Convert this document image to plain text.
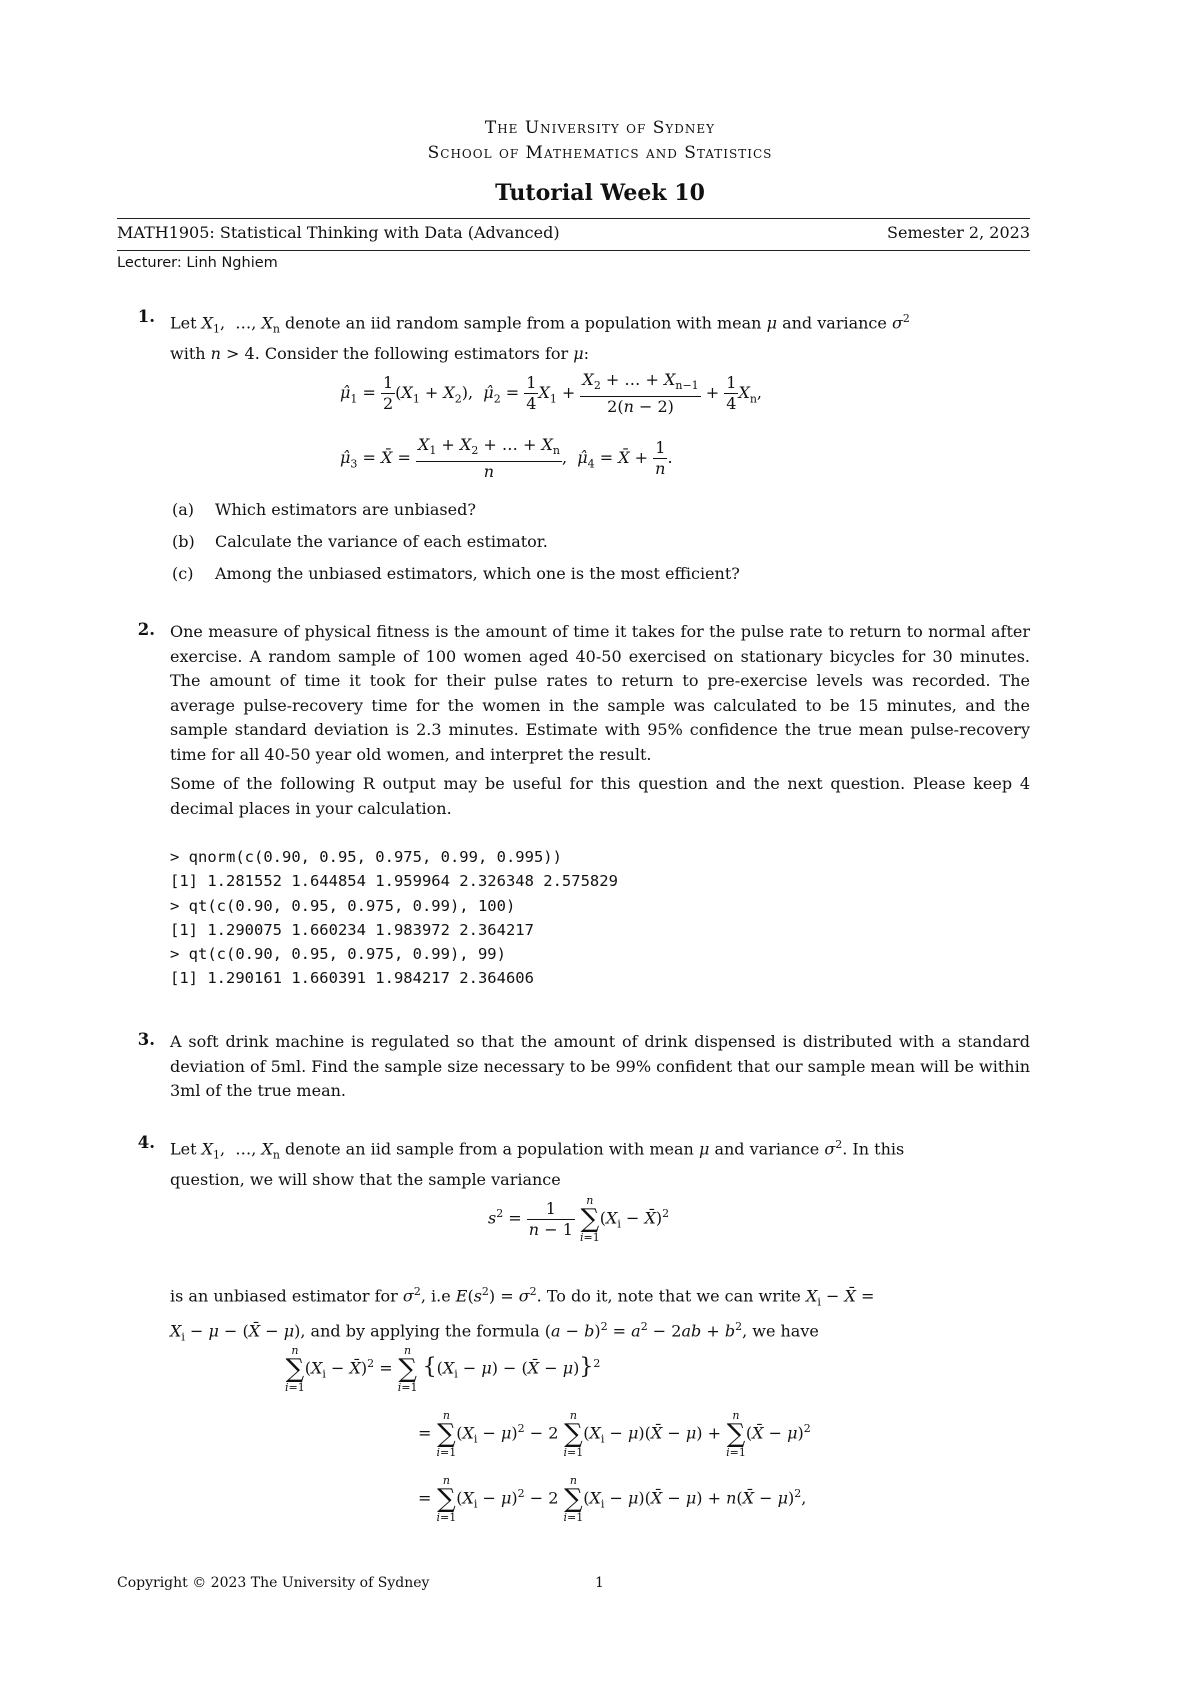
The University of Sydney
School of Mathematics and Statistics
Tutorial Week 10
MATH1905: Statistical Thinking with Data (Advanced)	Semester 2, 2023
Lecturer: Linh Nghiem
1. Let $X_1$,  …, $X_n$ denote an iid random sample from a population with mean μ and variance $\sigma^2$
with n > 4. Consider the following estimators for μ:
$\mû_1 = \frac{1}{2} (X_1 + X_2)$,  $\mû_2 = \frac{1}{4} X_1 + \frac{X_2 + \dots + X_{n-1}}{2(n - 2)} + \frac{1}{4} X_n$,
$\mû_3$ = X̄ = $\frac{X_1 + X_2 + \dots + X_n}{n}$ ,  $\mû_4$ = X̄ + $\frac{1}{n}$ .
(a) Which estimators are unbiased?
(b) Calculate the variance of each estimator.
(c) Among the unbiased estimators, which one is the most efficient?
2. One measure of physical fitness is the amount of time it takes for the pulse rate to return to normal after exercise. A random sample of 100 women aged 40-50 exercised on stationary bicycles for 30 minutes. The amount of time it took for their pulse rates to return to pre-exercise levels was recorded. The average pulse-recovery time for the women in the sample was calculated to be 15 minutes, and the sample standard deviation is 2.3 minutes. Estimate with 95% confidence the true mean pulse-recovery time for all 40-50 year old women, and interpret the result.
Some of the following R output may be useful for this question and the next question. Please keep 4 decimal places in your calculation.
> qnorm(c(0.90, 0.95, 0.975, 0.99, 0.995))
[1] 1.281552 1.644854 1.959964 2.326348 2.575829
> qt(c(0.90, 0.95, 0.975, 0.99), 100)
[1] 1.290075 1.660234 1.983972 2.364217
> qt(c(0.90, 0.95, 0.975, 0.99), 99)
[1] 1.290161 1.660391 1.984217 2.364606
3. A soft drink machine is regulated so that the amount of drink dispensed is distributed with a standard deviation of 5ml. Find the sample size necessary to be 99% confident that our sample mean will be within 3ml of the true mean.
4. Let $X_1$,  …, $X_n$ denote an iid sample from a population with mean μ and variance $\sigma^2$. In this
question, we will show that the sample variance
$s^2 = \frac{1}{n - 1}$
	n
∑
i=1
($X_i$ − X̄)$^2$
is an unbiased estimator for $\sigma^2$, i.e $E(s^2) = \sigma^2$. To do it, note that we can write $X_i$ − X̄ =
$X_i - \mu$ − (X̄ − μ), and by applying the formula $(a - b)^2 = a^2 - 2ab + b^2$, we have
n
∑
i=1
($X_i$ − X̄)$^2$ =
n
∑
i=1
{$(X_i - \mu)$ − (X̄ − μ)}$^2$
=
n
∑
i=1
$(X_i - \mu)^2 - 2$
n
∑
i=1
($X_i$ − μ)(X̄ − μ) +
n
∑
i=1
(X̄ − μ)$^2$
=
n
∑
i=1
$(X_i - \mu)^2 - 2$
n
∑
i=1
($X_i$ − μ)(X̄ − μ) + n(X̄ − μ)$^2$,
Copyright © 2023 The University of Sydney	1
